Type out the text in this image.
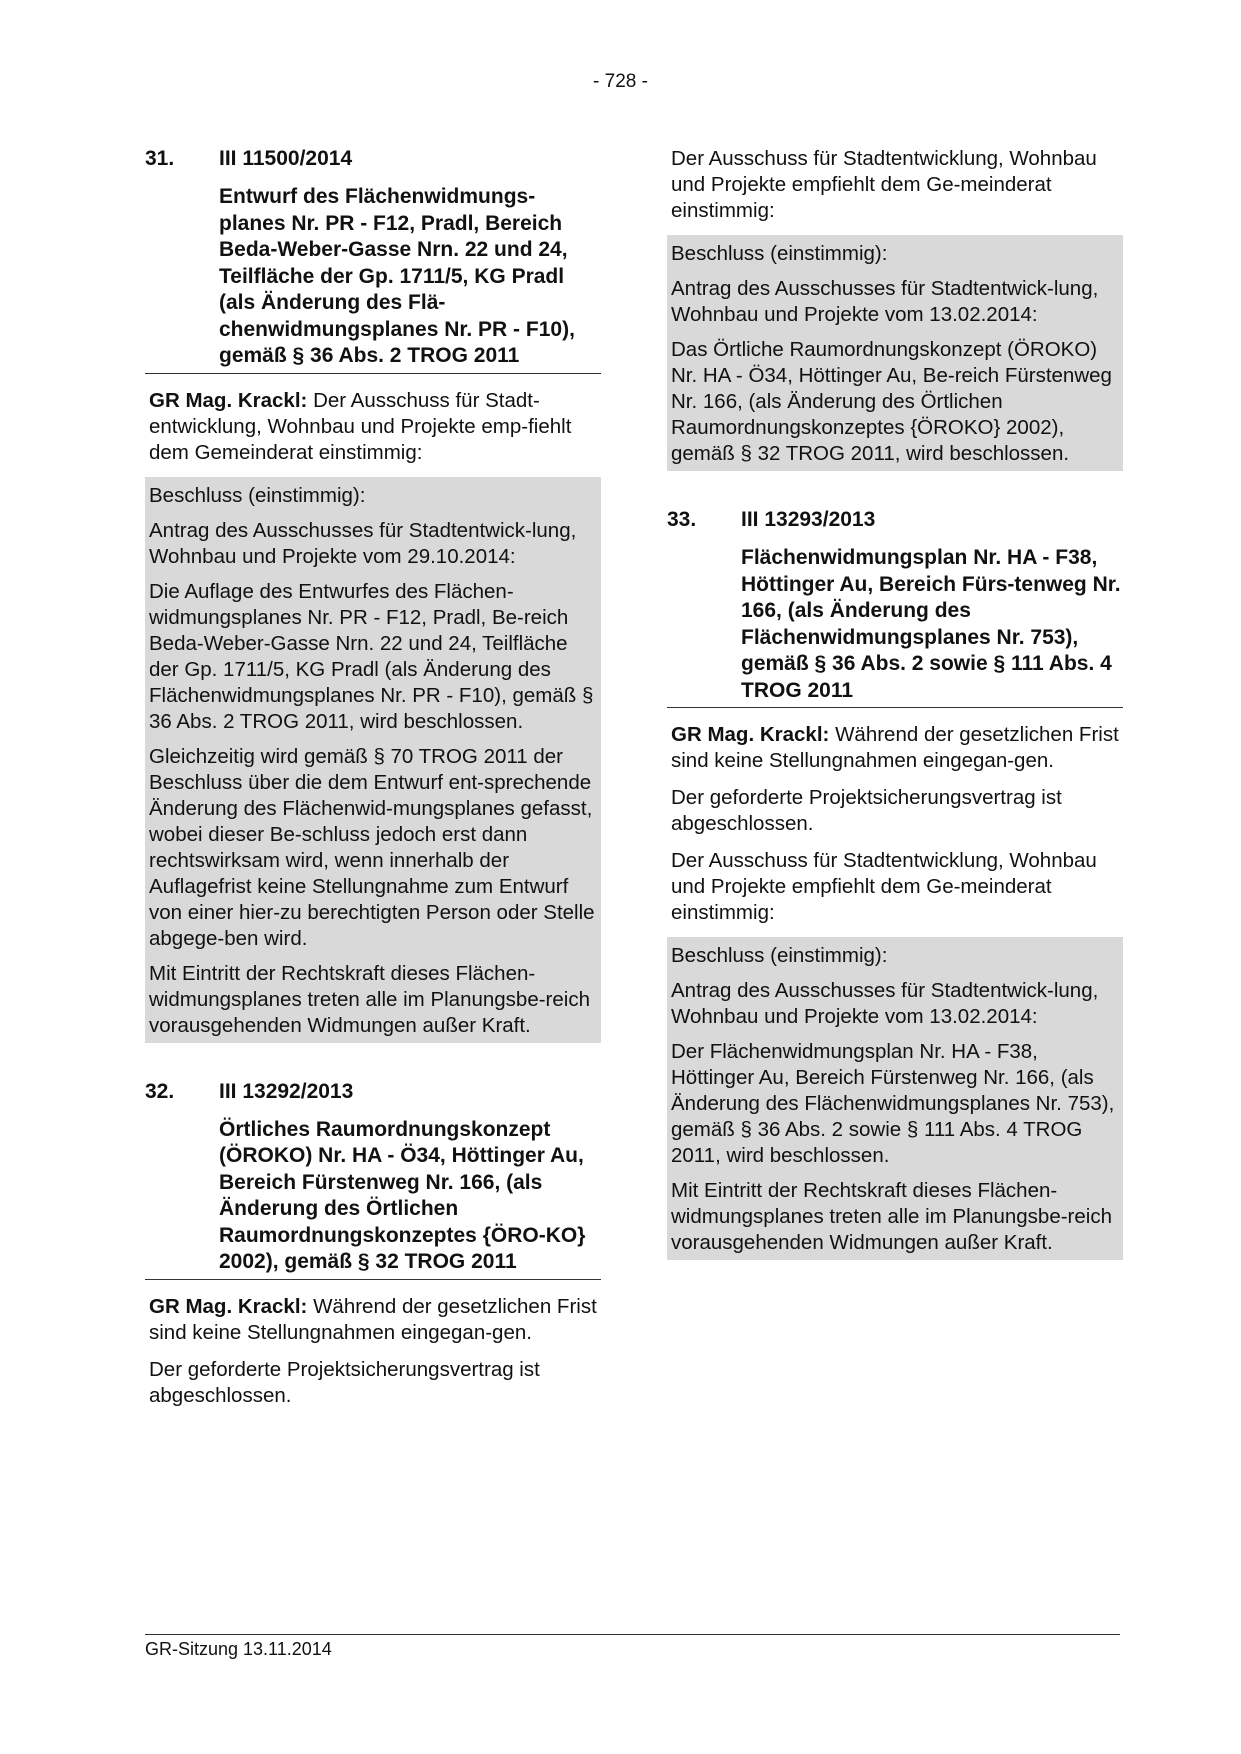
- 728 -
31.	III 11500/2014
Entwurf des Flächenwidmungs-planes Nr. PR - F12, Pradl, Bereich Beda-Weber-Gasse Nrn. 22 und 24, Teilfläche der Gp. 1711/5, KG Pradl (als Änderung des Flä-chenwidmungsplanes Nr. PR - F10), gemäß § 36 Abs. 2 TROG 2011

GR Mag. Krackl: Der Ausschuss für Stadt-entwicklung, Wohnbau und Projekte emp-fiehlt dem Gemeinderat einstimmig:

Beschluss (einstimmig):

Antrag des Ausschusses für Stadtentwick-lung, Wohnbau und Projekte vom 29.10.2014:

Die Auflage des Entwurfes des Flächen-widmungsplanes Nr. PR - F12, Pradl, Be-reich Beda-Weber-Gasse Nrn. 22 und 24, Teilfläche der Gp. 1711/5, KG Pradl (als Änderung des Flächenwidmungsplanes Nr. PR - F10), gemäß § 36 Abs. 2 TROG 2011, wird beschlossen.

Gleichzeitig wird gemäß § 70 TROG 2011 der Beschluss über die dem Entwurf ent-sprechende Änderung des Flächenwid-mungsplanes gefasst, wobei dieser Be-schluss jedoch erst dann rechtswirksam wird, wenn innerhalb der Auflagefrist keine Stellungnahme zum Entwurf von einer hier-zu berechtigten Person oder Stelle abgege-ben wird.

Mit Eintritt der Rechtskraft dieses Flächen-widmungsplanes treten alle im Planungsbe-reich vorausgehenden Widmungen außer Kraft.

32.	III 13292/2013
Örtliches Raumordnungskonzept (ÖROKO) Nr. HA - Ö34, Höttinger Au, Bereich Fürstenweg Nr. 166, (als Änderung des Örtlichen Raumordnungskonzeptes {ÖRO-KO} 2002), gemäß § 32 TROG 2011

GR Mag. Krackl: Während der gesetzlichen Frist sind keine Stellungnahmen eingegan-gen.

Der geforderte Projektsicherungsvertrag ist abgeschlossen.

Der Ausschuss für Stadtentwicklung, Wohnbau und Projekte empfiehlt dem Ge-meinderat einstimmig:

Beschluss (einstimmig):

Antrag des Ausschusses für Stadtentwick-lung, Wohnbau und Projekte vom 13.02.2014:

Das Örtliche Raumordnungskonzept (ÖROKO) Nr. HA - Ö34, Höttinger Au, Be-reich Fürstenweg Nr. 166, (als Änderung des Örtlichen Raumordnungskonzeptes {ÖROKO} 2002), gemäß § 32 TROG 2011, wird beschlossen.

33.	III 13293/2013
Flächenwidmungsplan Nr. HA - F38, Höttinger Au, Bereich Fürs-tenweg Nr. 166, (als Änderung des Flächenwidmungsplanes Nr. 753), gemäß § 36 Abs. 2 sowie § 111 Abs. 4 TROG 2011

GR Mag. Krackl: Während der gesetzlichen Frist sind keine Stellungnahmen eingegan-gen.

Der geforderte Projektsicherungsvertrag ist abgeschlossen.

Der Ausschuss für Stadtentwicklung, Wohnbau und Projekte empfiehlt dem Ge-meinderat einstimmig:

Beschluss (einstimmig):

Antrag des Ausschusses für Stadtentwick-lung, Wohnbau und Projekte vom 13.02.2014:

Der Flächenwidmungsplan Nr. HA - F38, Höttinger Au, Bereich Fürstenweg Nr. 166, (als Änderung des Flächenwidmungsplanes Nr. 753), gemäß § 36 Abs. 2 sowie § 111 Abs. 4 TROG 2011, wird beschlossen.

Mit Eintritt der Rechtskraft dieses Flächen-widmungsplanes treten alle im Planungsbe-reich vorausgehenden Widmungen außer Kraft.

GR-Sitzung 13.11.2014
